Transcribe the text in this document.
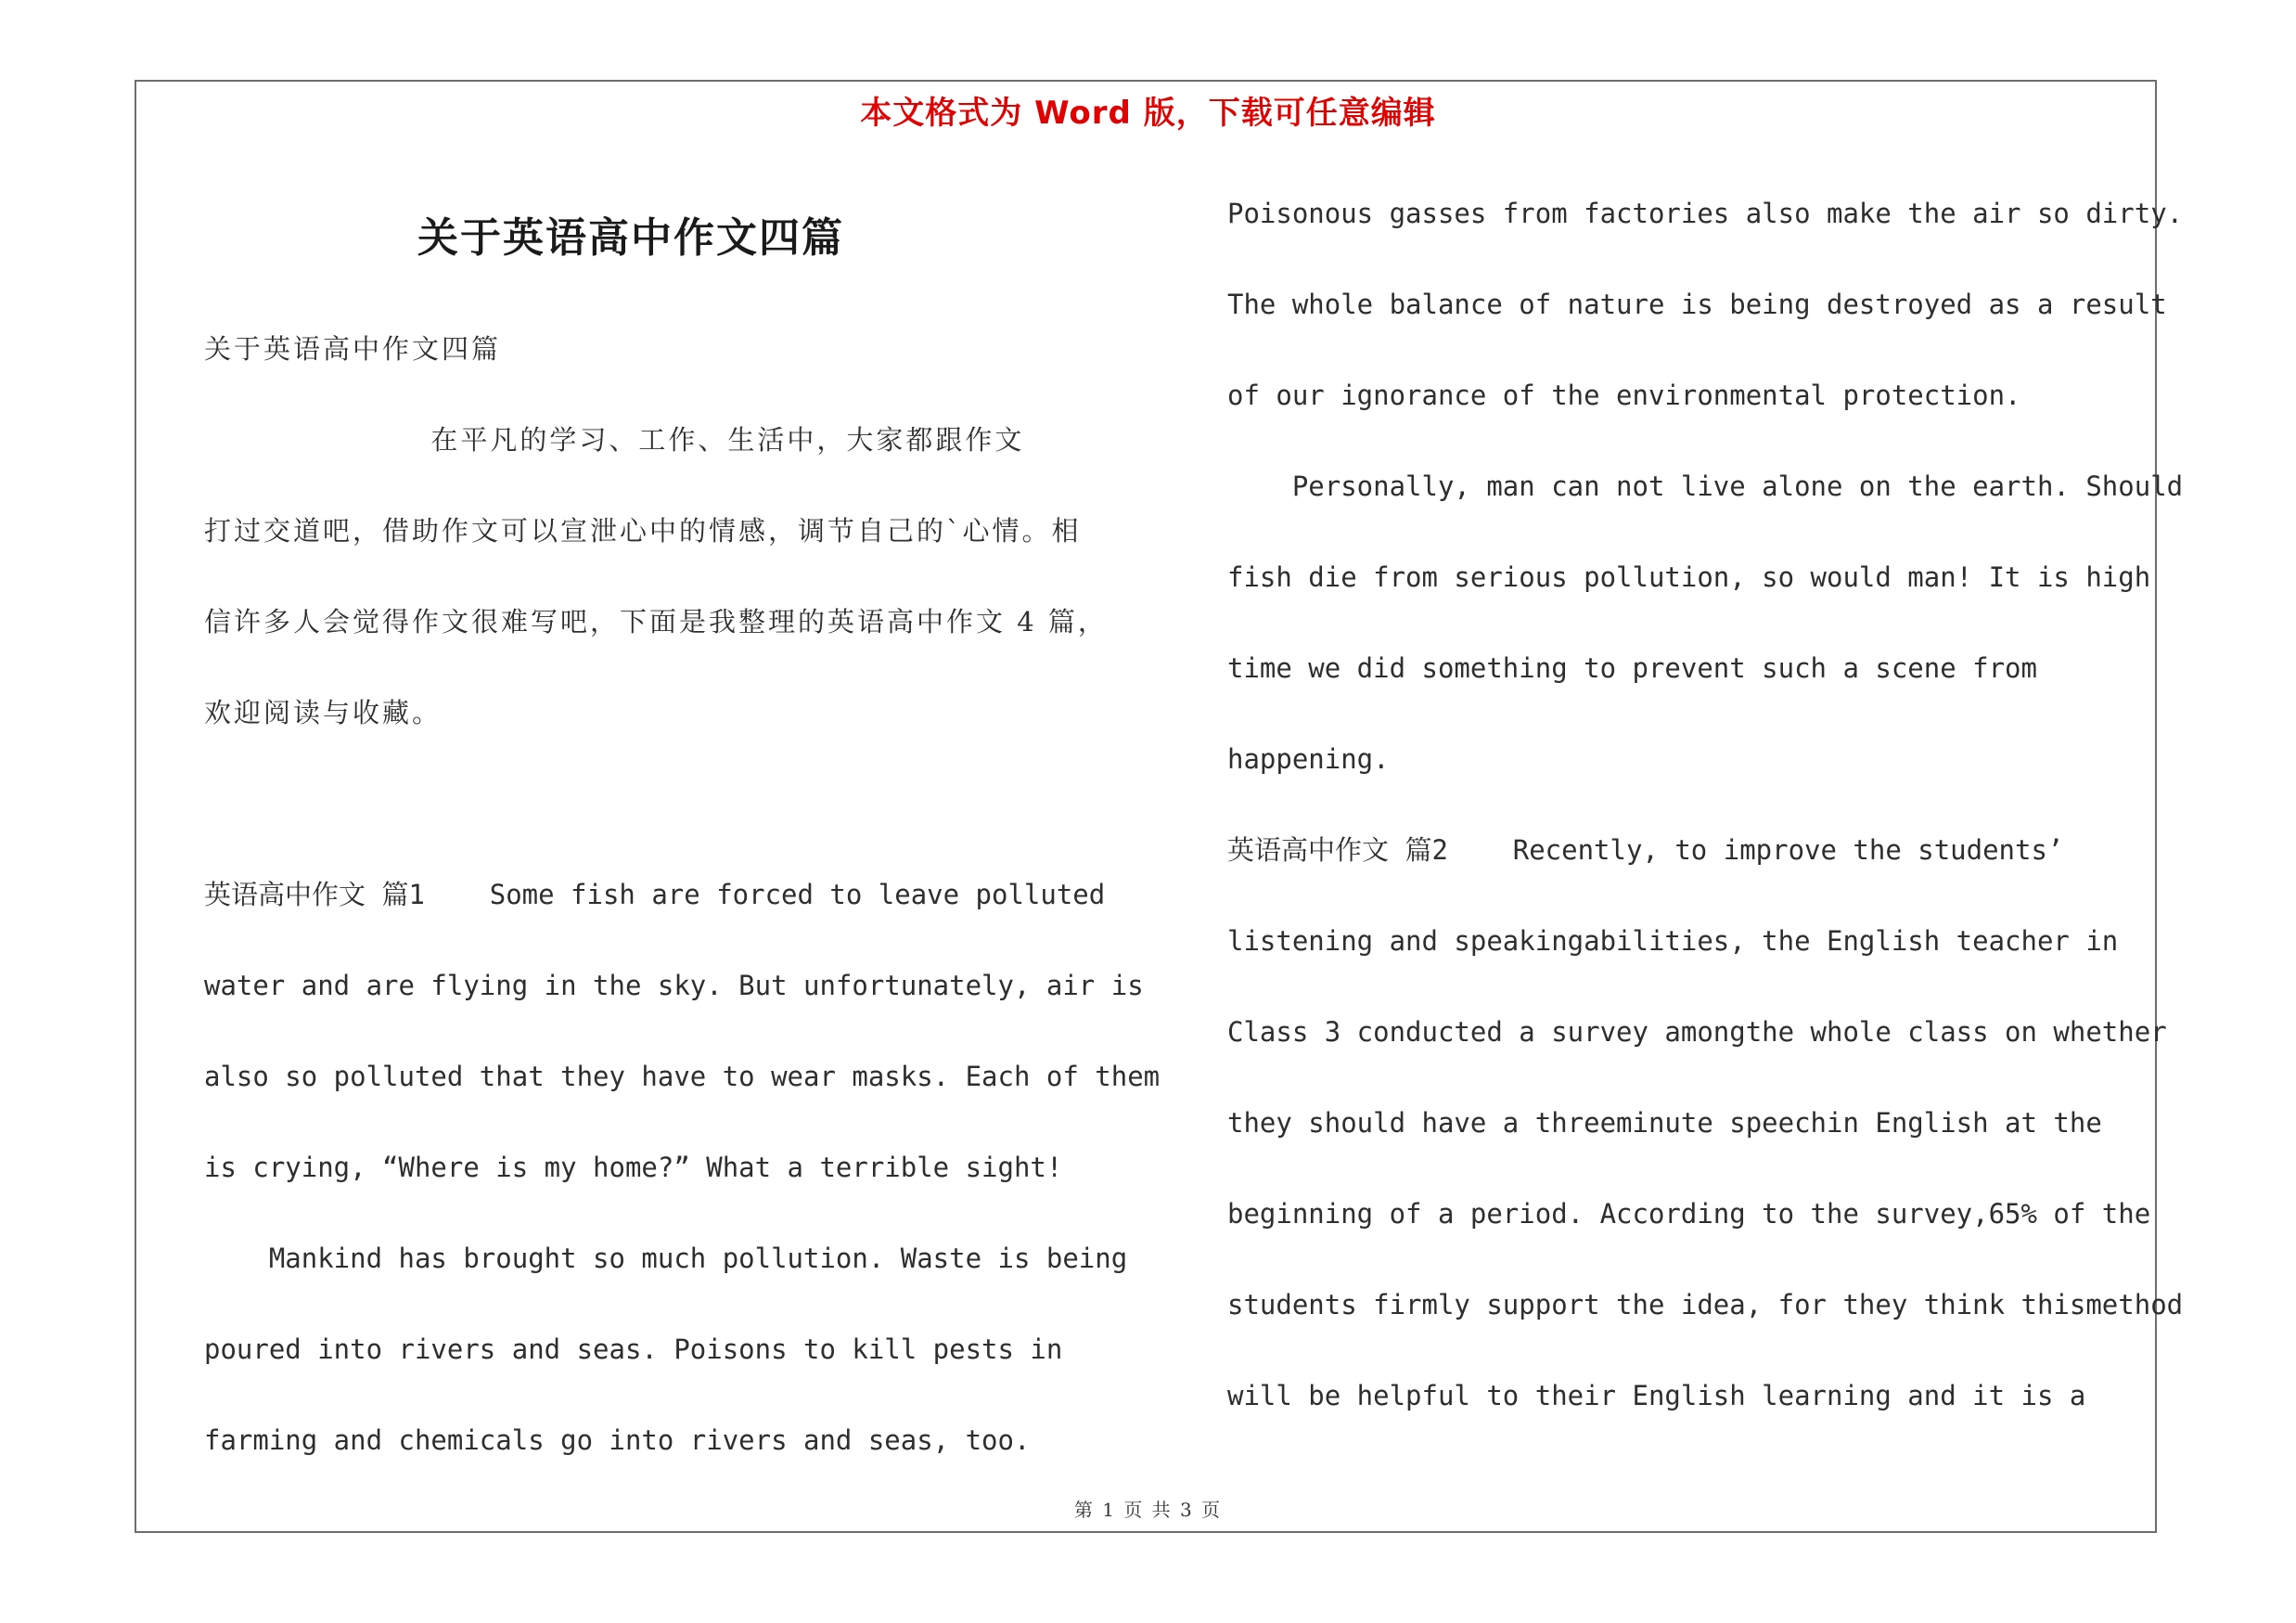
本文格式为 Word 版，下载可任意编辑
关于英语高中作文四篇
关于英语高中作文四篇
在平凡的学习、工作、生活中，大家都跟作文
打过交道吧，借助作文可以宣泄心中的情感，调节自己的`心情。相
信许多人会觉得作文很难写吧，下面是我整理的英语高中作文 4 篇，
欢迎阅读与收藏。
英语高中作文 篇1    Some fish are forced to leave polluted
water and are flying in the sky. But unfortunately, air is
also so polluted that they have to wear masks. Each of them
is crying, “Where is my home?” What a terrible sight!
Mankind has brought so much pollution. Waste is being
poured into rivers and seas. Poisons to kill pests in
farming and chemicals go into rivers and seas, too.
Poisonous gasses from factories also make the air so dirty.
The whole balance of nature is being destroyed as a result
of our ignorance of the environmental protection.
Personally, man can not live alone on the earth. Should
fish die from serious pollution, so would man! It is high
time we did something to prevent such a scene from
happening.
英语高中作文 篇2    Recently, to improve the students’
listening and speakingabilities, the English teacher in
Class 3 conducted a survey amongthe whole class on whether
they should have a threeminute speechin English at the
beginning of a period. According to the survey,65% of the
students firmly support the idea, for they think thismethod
will be helpful to their English learning and it is a
第 1 页 共 3 页
